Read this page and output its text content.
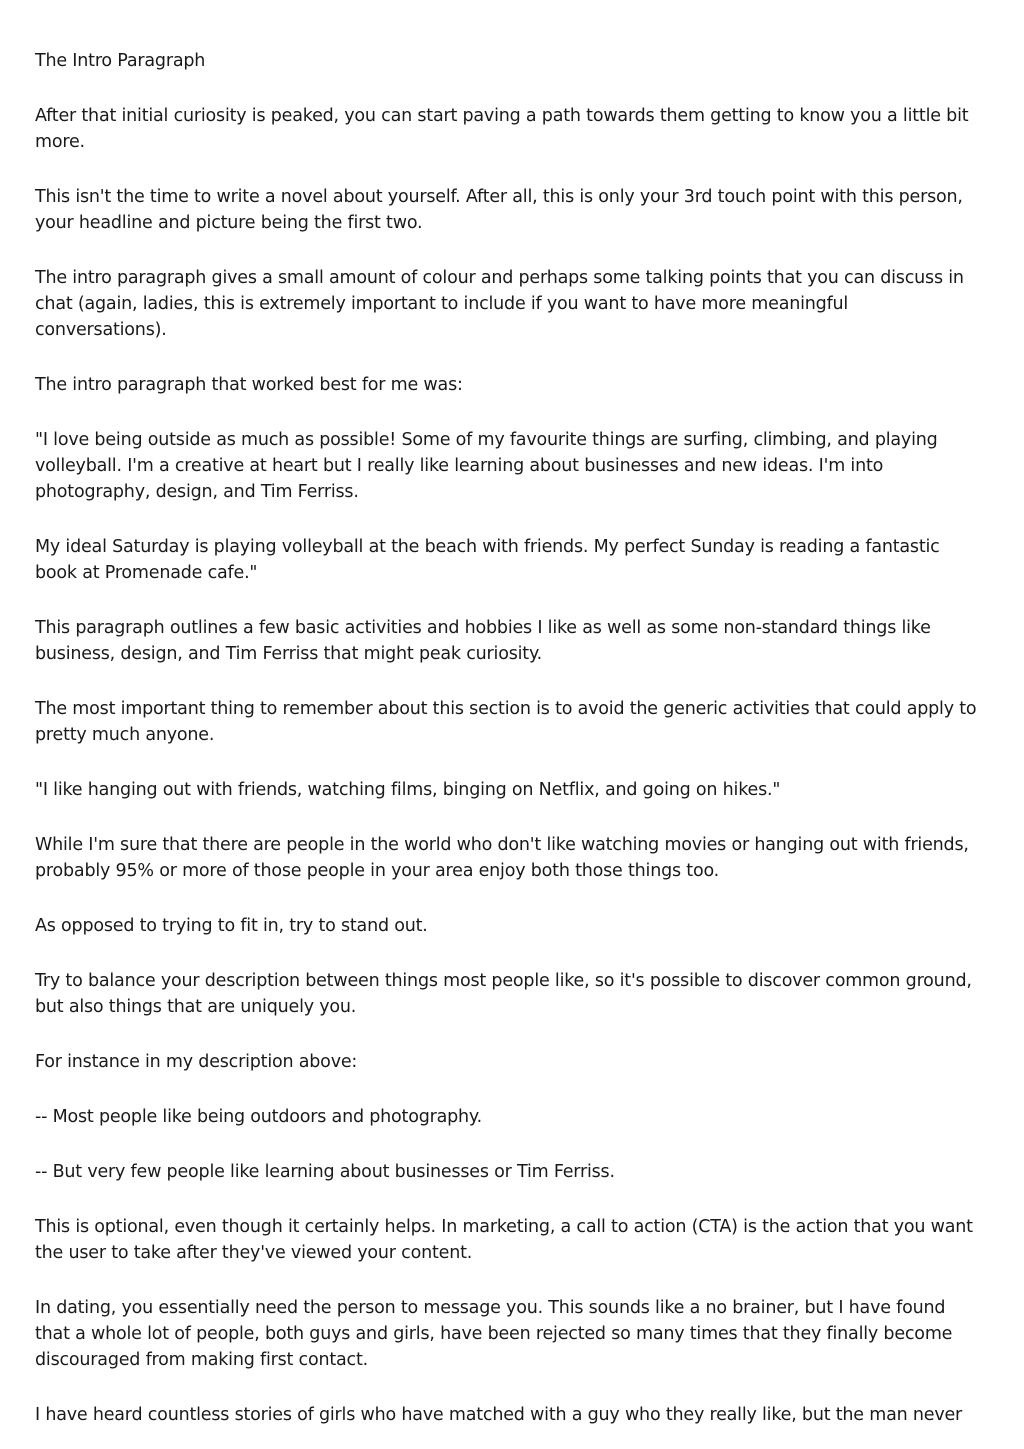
The Intro Paragraph

After that initial curiosity is peaked, you can start paving a path towards them getting to know you a little bit more.

This isn't the time to write a novel about yourself. After all, this is only your 3rd touch point with this person, your headline and picture being the first two.

The intro paragraph gives a small amount of colour and perhaps some talking points that you can discuss in chat (again, ladies, this is extremely important to include if you want to have more meaningful conversations).

The intro paragraph that worked best for me was:

"I love being outside as much as possible! Some of my favourite things are surfing, climbing, and playing volleyball. I'm a creative at heart but I really like learning about businesses and new ideas. I'm into photography, design, and Tim Ferriss.

My ideal Saturday is playing volleyball at the beach with friends. My perfect Sunday is reading a fantastic book at Promenade cafe."

This paragraph outlines a few basic activities and hobbies I like as well as some non-standard things like business, design, and Tim Ferriss that might peak curiosity.

The most important thing to remember about this section is to avoid the generic activities that could apply to pretty much anyone.

"I like hanging out with friends, watching films, binging on Netflix, and going on hikes."

While I'm sure that there are people in the world who don't like watching movies or hanging out with friends, probably 95% or more of those people in your area enjoy both those things too.

As opposed to trying to fit in, try to stand out.

Try to balance your description between things most people like, so it's possible to discover common ground, but also things that are uniquely you.

For instance in my description above:

-- Most people like being outdoors and photography.

-- But very few people like learning about businesses or Tim Ferriss.

This is optional, even though it certainly helps. In marketing, a call to action (CTA) is the action that you want the user to take after they've viewed your content.

In dating, you essentially need the person to message you. This sounds like a no brainer, but I have found that a whole lot of people, both guys and girls, have been rejected so many times that they finally become discouraged from making first contact.

I have heard countless stories of girls who have matched with a guy who they really like, but the man never
